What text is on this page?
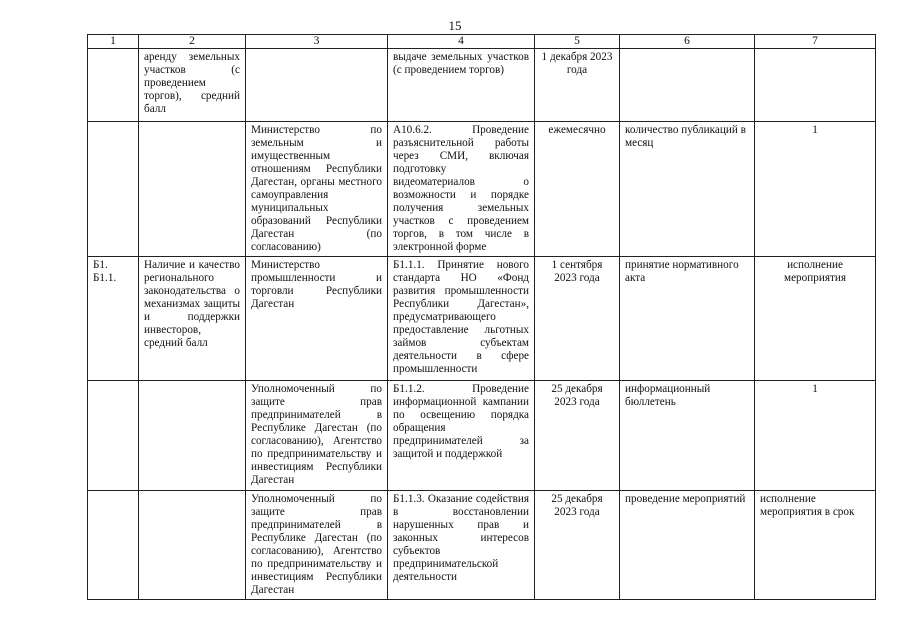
15
1	2	3	4	5	6	7
	аренду земельных участков (с проведением торгов), средний балл		выдаче земельных участков (с проведением торгов)	1 декабря 2023 года		
		Министерство по земельным и имущественным отношениям Республики Дагестан, органы местного самоуправления муниципальных образований Республики Дагестан (по согласованию)	А10.6.2. Проведение разъяснительной работы через СМИ, включая подготовку видеоматериалов о возможности и порядке получения земельных участков с проведением торгов, в том числе в электронной форме	ежемесячно	количество публикаций в месяц	1
Б1. Б1.1.	Наличие и качество регионального законодательства о механизмах защиты и поддержки инвесторов, средний балл	Министерство промышленности и торговли Республики Дагестан	Б1.1.1. Принятие нового стандарта НО «Фонд развития промышленности Республики Дагестан», предусматривающего предоставление льготных займов субъектам деятельности в сфере промышленности	1 сентября 2023 года	принятие нормативного акта	исполнение мероприятия
		Уполномоченный по защите прав предпринимателей в Республике Дагестан (по согласованию), Агентство по предпринимательству и инвестициям Республики Дагестан	Б1.1.2. Проведение информационной кампании по освещению порядка обращения предпринимателей за защитой и поддержкой	25 декабря 2023 года	информационный бюллетень	1
		Уполномоченный по защите прав предпринимателей в Республике Дагестан (по согласованию), Агентство по предпринимательству и инвестициям Республики Дагестан	Б1.1.3. Оказание содействия в восстановлении нарушенных прав и законных интересов субъектов предпринимательской деятельности	25 декабря 2023 года	проведение мероприятий	исполнение мероприятия в срок
